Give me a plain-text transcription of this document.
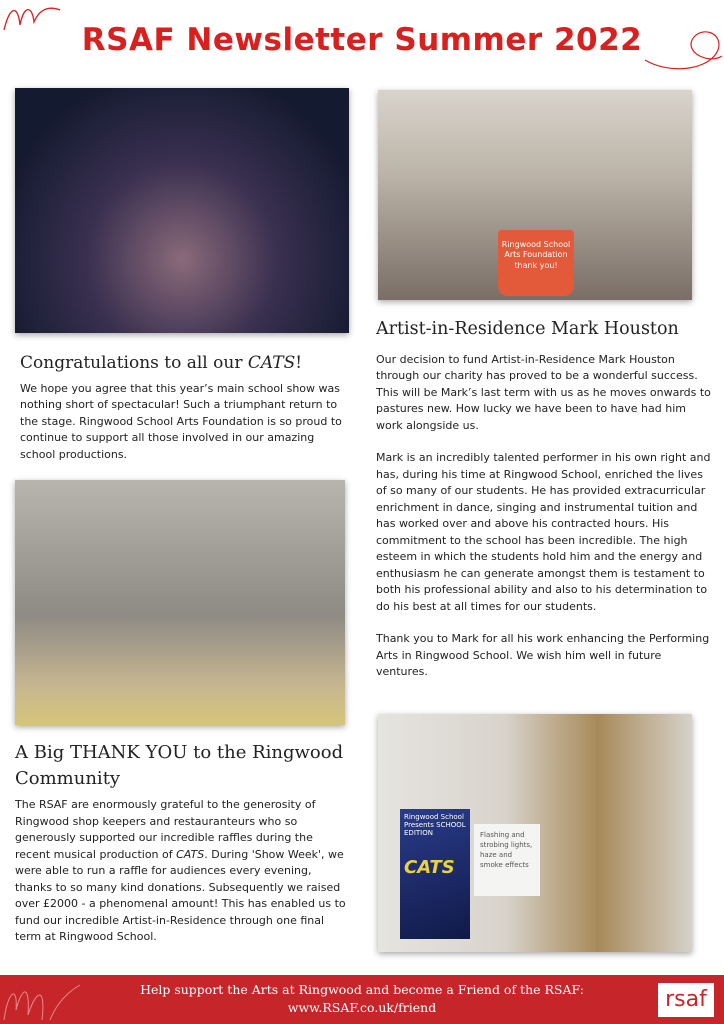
RSAF Newsletter Summer 2022
Ringwood School Arts Foundation
thank you!
Congratulations to all our CATS!

We hope you agree that this year’s main school show was nothing short of spectacular! Such a triumphant return to the stage. Ringwood School Arts Foundation is so proud to continue to support all those involved in our amazing school productions.

A Big THANK YOU to the Ringwood Community

The RSAF are enormously grateful to the generosity of Ringwood shop keepers and restauranteurs who so generously supported our incredible raffles during the recent musical production of CATS. During 'Show Week', we were able to run a raffle for audiences every evening, thanks to so many kind donations. Subsequently we raised over £2000 - a phenomenal amount! This has enabled us to fund our incredible Artist-in-Residence through one final term at Ringwood School.

Artist-in-Residence Mark Houston

Our decision to fund Artist-in-Residence Mark Houston through our charity has proved to be a wonderful success. This will be Mark’s last term with us as he moves onwards to pastures new. How lucky we have been to have had him work alongside us.

Mark is an incredibly talented performer in his own right and has, during his time at Ringwood School, enriched the lives of so many of our students. He has provided extracurricular enrichment in dance, singing and instrumental tuition and has worked over and above his contracted hours. His commitment to the school has been incredible. The high esteem in which the students hold him and the energy and enthusiasm he can generate amongst them is testament to both his professional ability and also to his determination to do his best at all times for our students.

Thank you to Mark for all his work enhancing the Performing Arts in Ringwood School. We wish him well in future ventures.

Ringwood School Presents SCHOOL EDITION
CATS
Flashing and strobing lights, haze and smoke effects
Help support the Arts at Ringwood and become a Friend of the RSAF:
www.RSAF.co.uk/friend	rsaf
